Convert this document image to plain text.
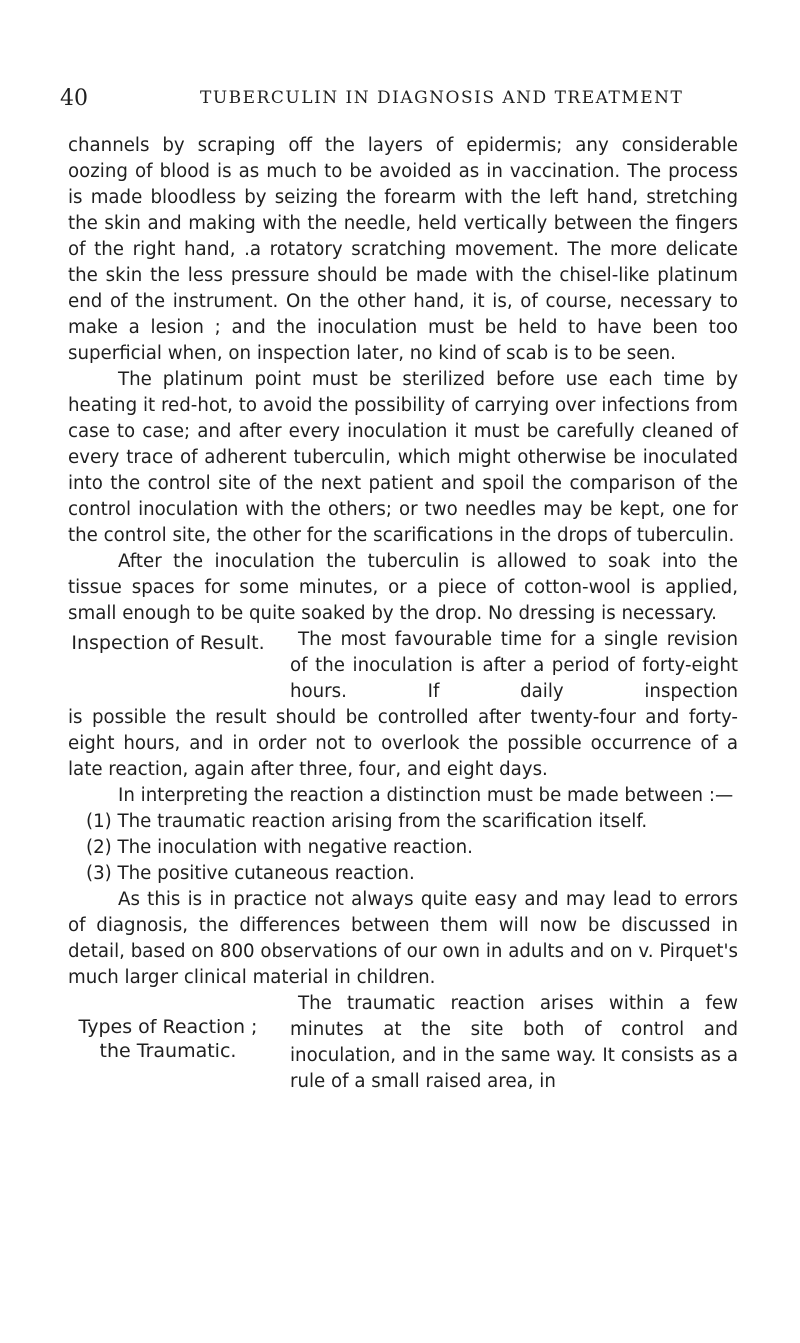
40	TUBERCULIN IN DIAGNOSIS AND TREATMENT

channels by scraping off the layers of epidermis; any considerable oozing of blood is as much to be avoided as in vaccination. The process is made bloodless by seizing the forearm with the left hand, stretching the skin and making with the needle, held vertically between the fingers of the right hand, .a rotatory scratching movement. The more delicate the skin the less pressure should be made with the chisel-like platinum end of the instrument. On the other hand, it is, of course, necessary to make a lesion ; and the inoculation must be held to have been too superficial when, on inspection later, no kind of scab is to be seen.

The platinum point must be sterilized before use each time by heating it red-hot, to avoid the possibility of carrying over infections from case to case; and after every inoculation it must be carefully cleaned of every trace of adherent tuberculin, which might otherwise be inoculated into the control site of the next patient and spoil the comparison of the control inoculation with the others; or two needles may be kept, one for the control site, the other for the scarifications in the drops of tuberculin.

After the inoculation the tuberculin is allowed to soak into the tissue spaces for some minutes, or a piece of cotton-wool is applied, small enough to be quite soaked by the drop. No dressing is necessary.

Inspection of Result.	The most favourable time for a single revision of the inoculation is after a period of forty-eight hours. If daily inspection

is possible the result should be controlled after twenty-four and forty-eight hours, and in order not to overlook the possible occurrence of a late reaction, again after three, four, and eight days.

In interpreting the reaction a distinction must be made between :—

(1) The traumatic reaction arising from the scarification itself.

(2) The inoculation with negative reaction.

(3) The positive cutaneous reaction.

As this is in practice not always quite easy and may lead to errors of diagnosis, the differences between them will now be discussed in detail, based on 800 observations of our own in adults and on v. Pirquet's much larger clinical material in children.

Types of Reaction ; the Traumatic.

The traumatic reaction arises within a few minutes at the site both of control and inoculation, and in the same way. It consists as a rule of a small raised area, in
